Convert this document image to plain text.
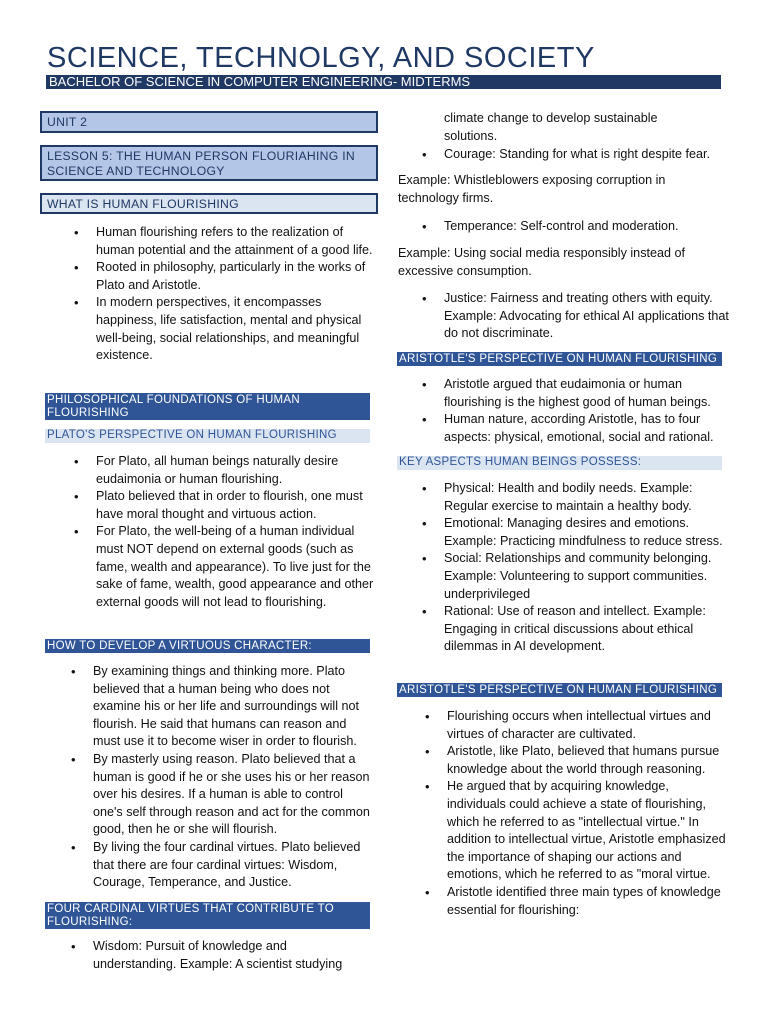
SCIENCE, TECHNOLGY, AND SOCIETY
BACHELOR OF SCIENCE IN COMPUTER ENGINEERING- MIDTERMS
UNIT 2
LESSON 5: THE HUMAN PERSON FLOURIAHING IN SCIENCE AND TECHNOLOGY
WHAT IS HUMAN FLOURISHING
• Human flourishing refers to the realization of human potential and the attainment of a good life.
• Rooted in philosophy, particularly in the works of Plato and Aristotle.
• In modern perspectives, it encompasses happiness, life satisfaction, mental and physical well-being, social relationships, and meaningful existence.
PHILOSOPHICAL FOUNDATIONS OF HUMAN FLOURISHING
PLATO'S PERSPECTIVE ON HUMAN FLOURISHING
• For Plato, all human beings naturally desire eudaimonia or human flourishing.
• Plato believed that in order to flourish, one must have moral thought and virtuous action.
• For Plato, the well-being of a human individual must NOT depend on external goods (such as fame, wealth and appearance). To live just for the sake of fame, wealth, good appearance and other external goods will not lead to flourishing.
HOW TO DEVELOP A VIRTUOUS CHARACTER:
• By examining things and thinking more. Plato believed that a human being who does not examine his or her life and surroundings will not flourish. He said that humans can reason and must use it to become wiser in order to flourish.
• By masterly using reason. Plato believed that a human is good if he or she uses his or her reason over his desires. If a human is able to control one's self through reason and act for the common good, then he or she will flourish.
• By living the four cardinal virtues. Plato believed that there are four cardinal virtues: Wisdom, Courage, Temperance, and Justice.
FOUR CARDINAL VIRTUES THAT CONTRIBUTE TO FLOURISHING:
• Wisdom: Pursuit of knowledge and understanding. Example: A scientist studying
climate change to develop sustainable solutions.
• Courage: Standing for what is right despite fear.
Example: Whistleblowers exposing corruption in technology firms.
• Temperance: Self-control and moderation.
Example: Using social media responsibly instead of excessive consumption.
• Justice: Fairness and treating others with equity. Example: Advocating for ethical AI applications that do not discriminate.
ARISTOTLE'S PERSPECTIVE ON HUMAN FLOURISHING
• Aristotle argued that eudaimonia or human flourishing is the highest good of human beings.
• Human nature, according Aristotle, has to four aspects: physical, emotional, social and rational.
KEY ASPECTS HUMAN BEINGS POSSESS:
• Physical: Health and bodily needs. Example: Regular exercise to maintain a healthy body.
• Emotional: Managing desires and emotions. Example: Practicing mindfulness to reduce stress.
• Social: Relationships and community belonging. Example: Volunteering to support communities. underprivileged
• Rational: Use of reason and intellect. Example: Engaging in critical discussions about ethical dilemmas in AI development.
ARISTOTLE'S PERSPECTIVE ON HUMAN FLOURISHING
• Flourishing occurs when intellectual virtues and virtues of character are cultivated.
• Aristotle, like Plato, believed that humans pursue knowledge about the world through reasoning.
• He argued that by acquiring knowledge, individuals could achieve a state of flourishing, which he referred to as "intellectual virtue." In addition to intellectual virtue, Aristotle emphasized the importance of shaping our actions and emotions, which he referred to as "moral virtue.
• Aristotle identified three main types of knowledge essential for flourishing:
